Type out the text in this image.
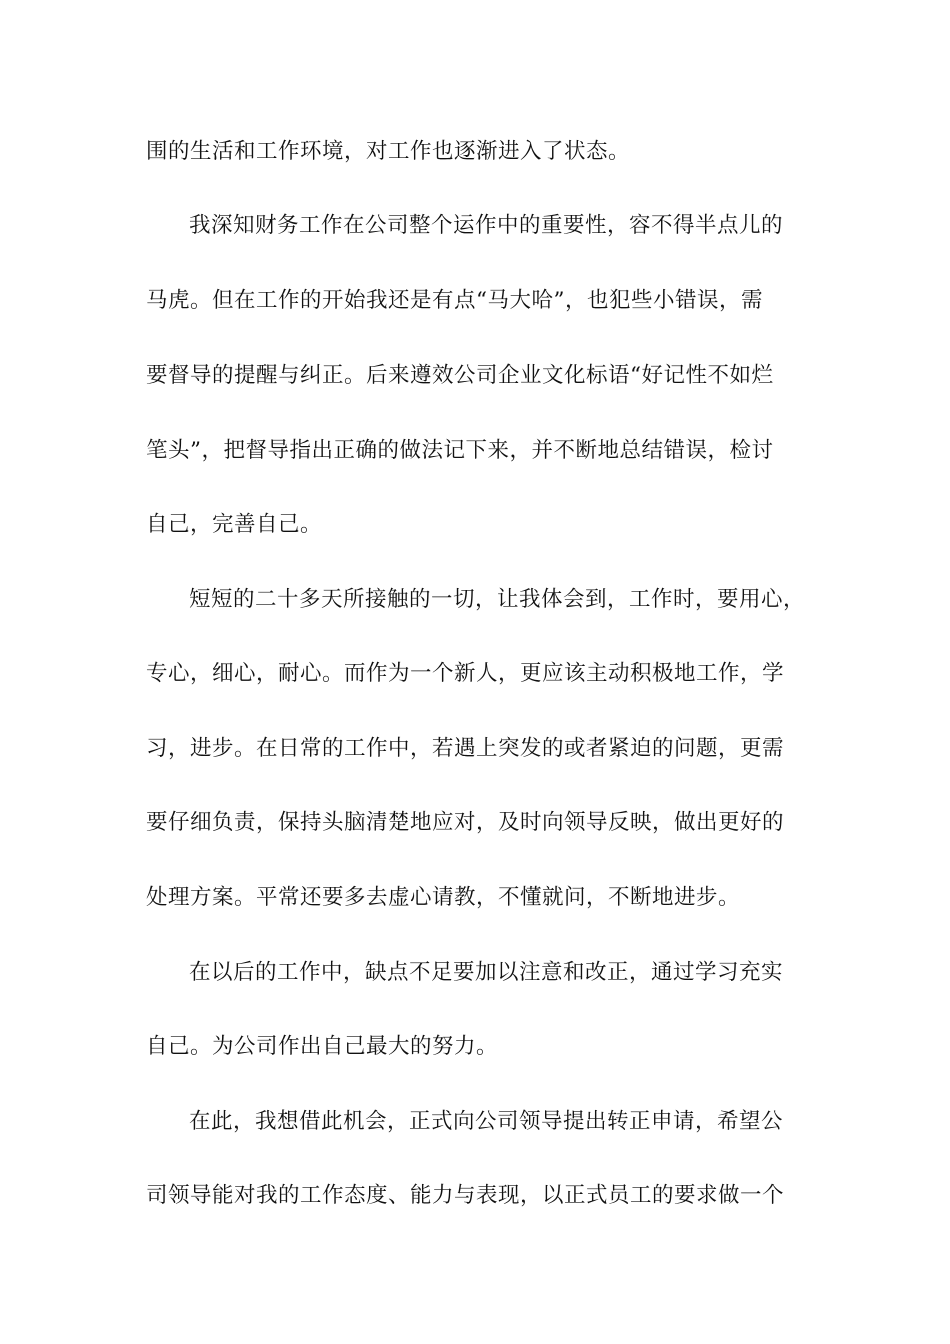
围的生活和工作环境，对工作也逐渐进入了状态。
我深知财务工作在公司整个运作中的重要性，容不得半点儿的
马虎。但在工作的开始我还是有点“马大哈”，也犯些小错误，需
要督导的提醒与纠正。后来遵效公司企业文化标语“好记性不如烂
笔头”，把督导指出正确的做法记下来，并不断地总结错误，检讨
自己，完善自己。
短短的二十多天所接触的一切，让我体会到，工作时，要用心，
专心，细心，耐心。而作为一个新人，更应该主动积极地工作，学
习，进步。在日常的工作中，若遇上突发的或者紧迫的问题，更需
要仔细负责，保持头脑清楚地应对，及时向领导反映，做出更好的
处理方案。平常还要多去虚心请教，不懂就问，不断地进步。
在以后的工作中，缺点不足要加以注意和改正，通过学习充实
自己。为公司作出自己最大的努力。
在此，我想借此机会，正式向公司领导提出转正申请，希望公
司领导能对我的工作态度、能力与表现，以正式员工的要求做一个
